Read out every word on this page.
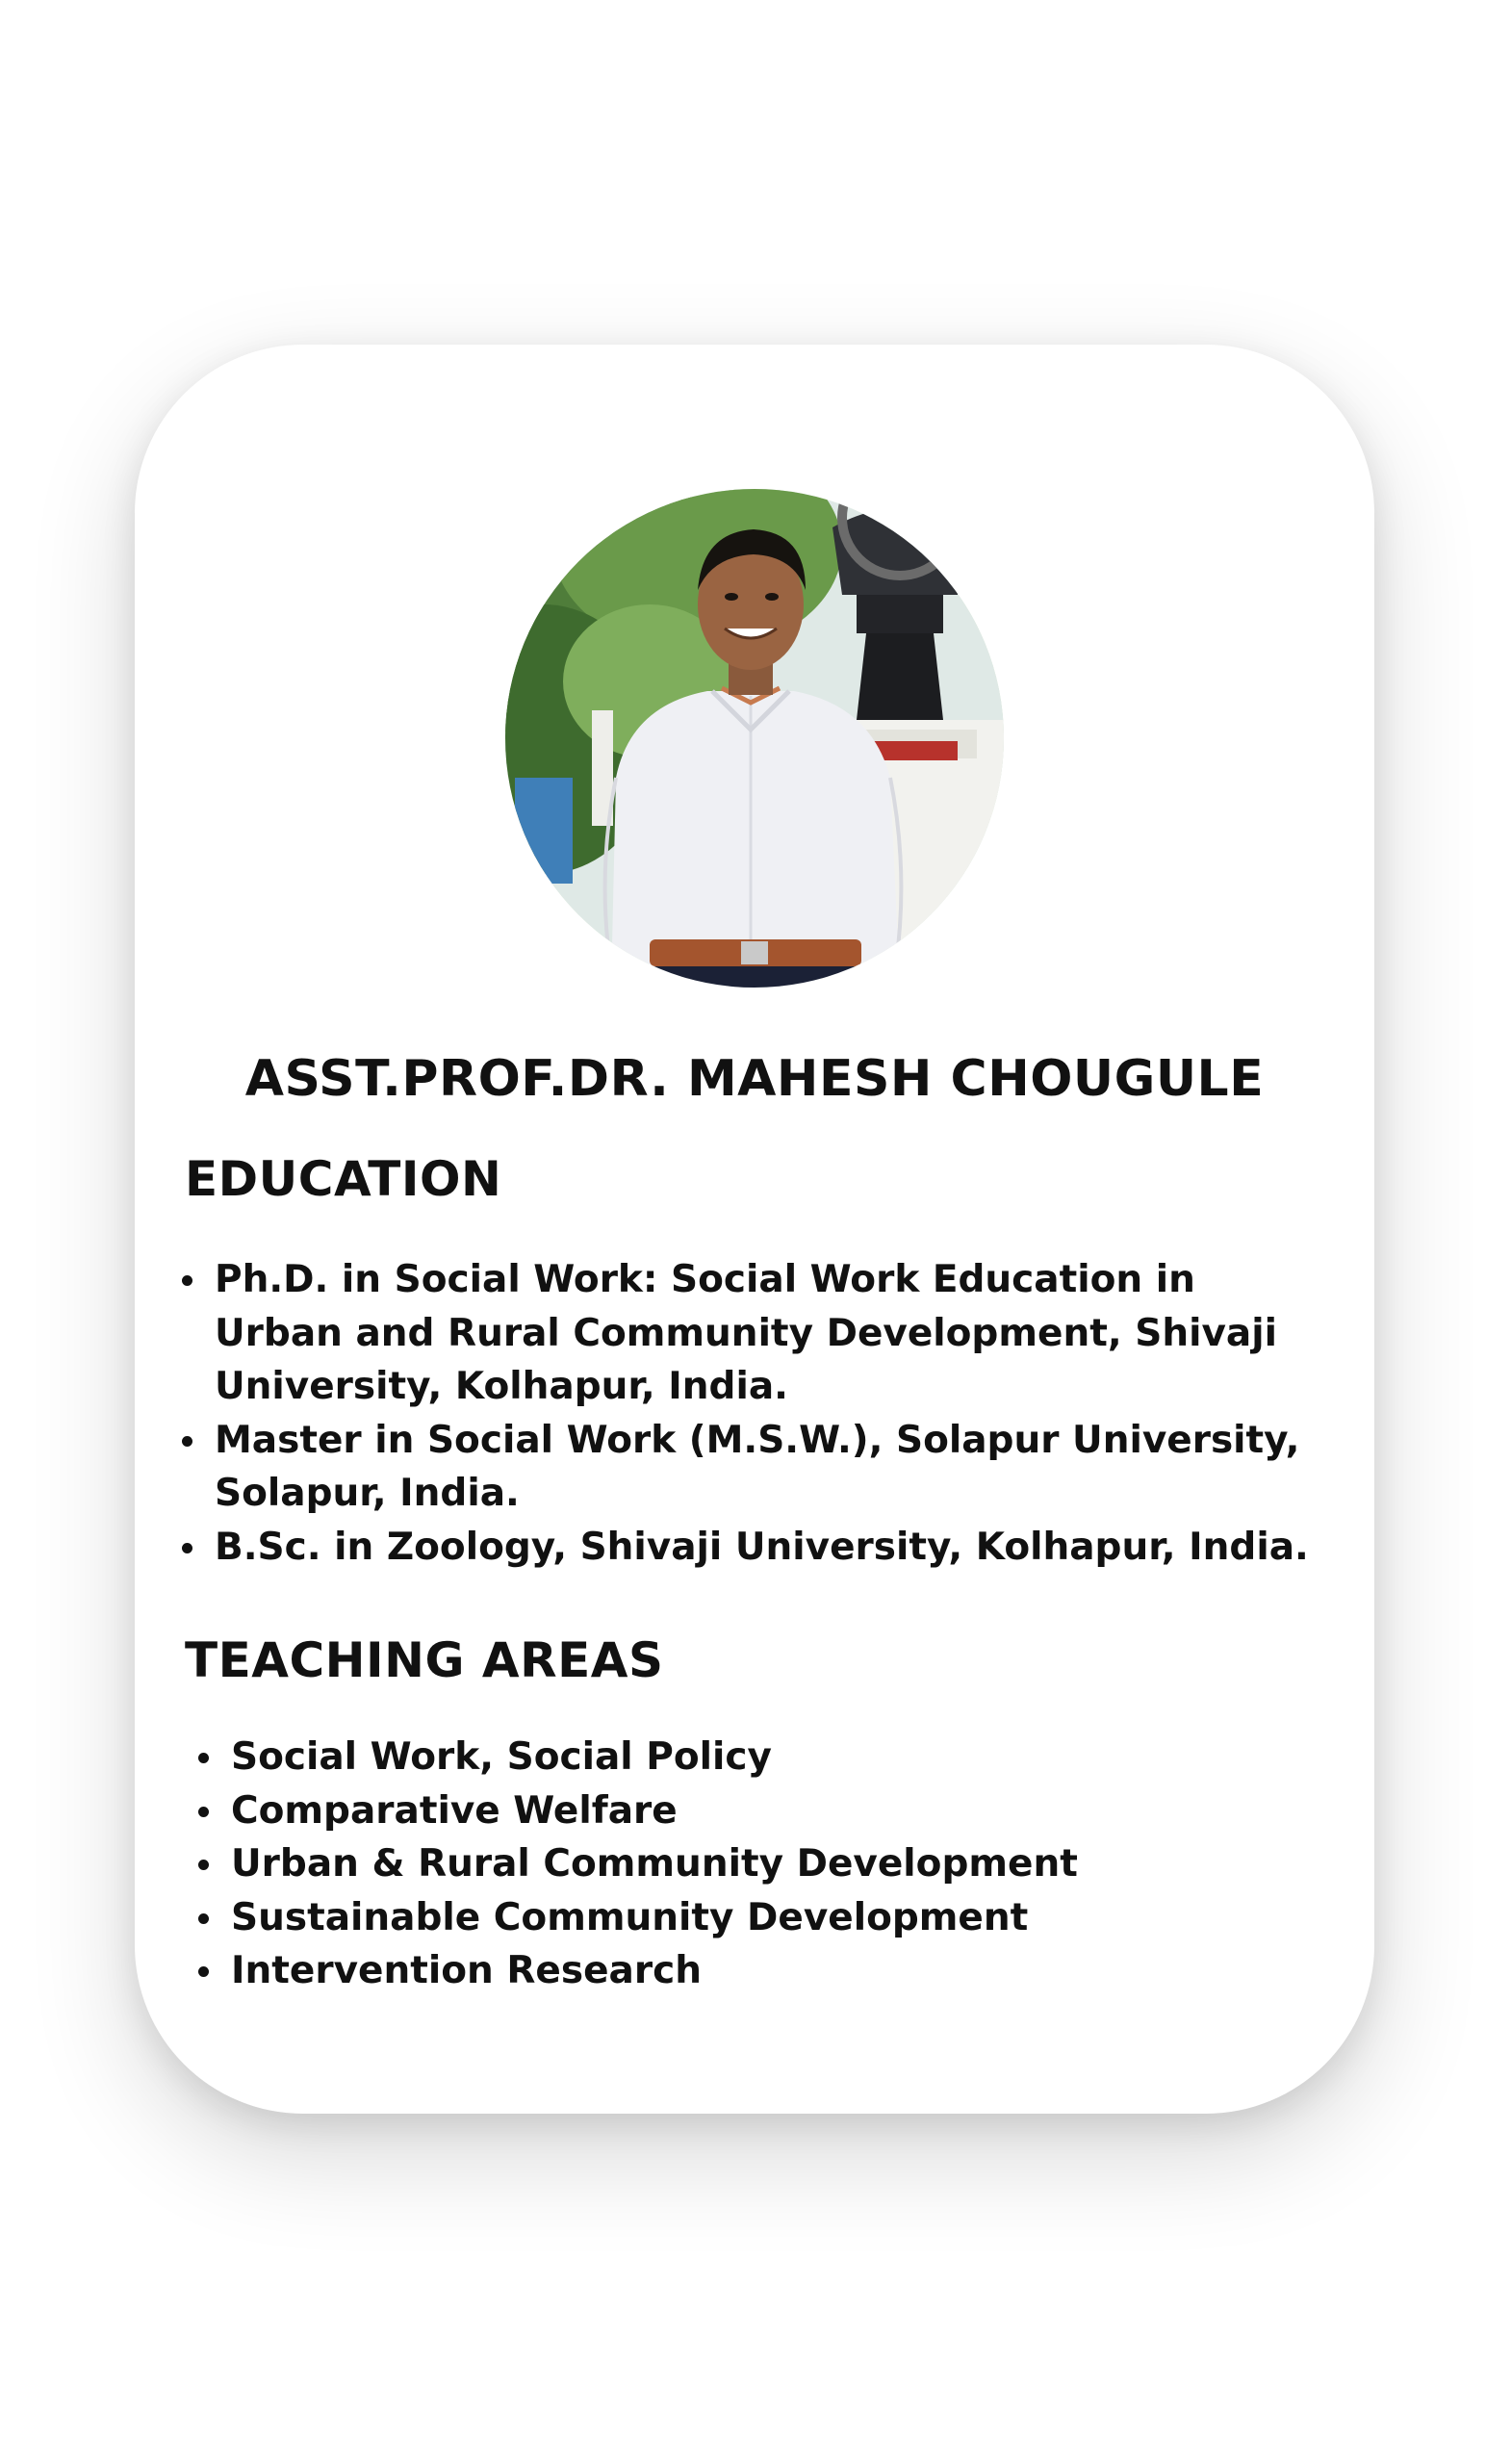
ASST.PROF.DR. MAHESH CHOUGULE
EDUCATION
Ph.D. in Social Work: Social Work Education in Urban and Rural Community Development, Shivaji University, Kolhapur, India.
Master in Social Work (M.S.W.), Solapur University, Solapur, India.
B.Sc. in Zoology, Shivaji University, Kolhapur, India.
TEACHING AREAS
Social Work, Social Policy
Comparative Welfare
Urban & Rural Community Development
Sustainable Community Development
Intervention Research
